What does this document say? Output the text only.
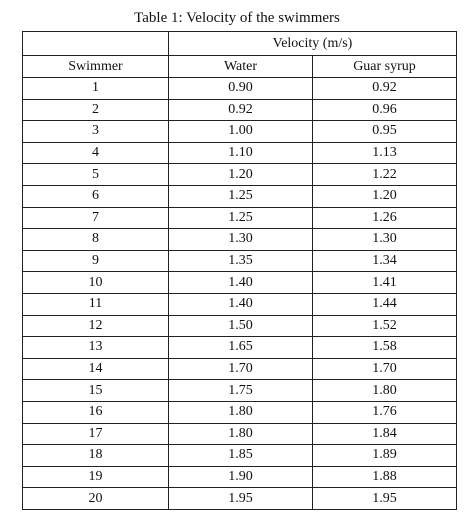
Table 1: Velocity of the swimmers
	Velocity (m/s)	
Swimmer	Water	Guar syrup
1	0.90	0.92
2	0.92	0.96
3	1.00	0.95
4	1.10	1.13
5	1.20	1.22
6	1.25	1.20
7	1.25	1.26
8	1.30	1.30
9	1.35	1.34
10	1.40	1.41
11	1.40	1.44
12	1.50	1.52
13	1.65	1.58
14	1.70	1.70
15	1.75	1.80
16	1.80	1.76
17	1.80	1.84
18	1.85	1.89
19	1.90	1.88
20	1.95	1.95
